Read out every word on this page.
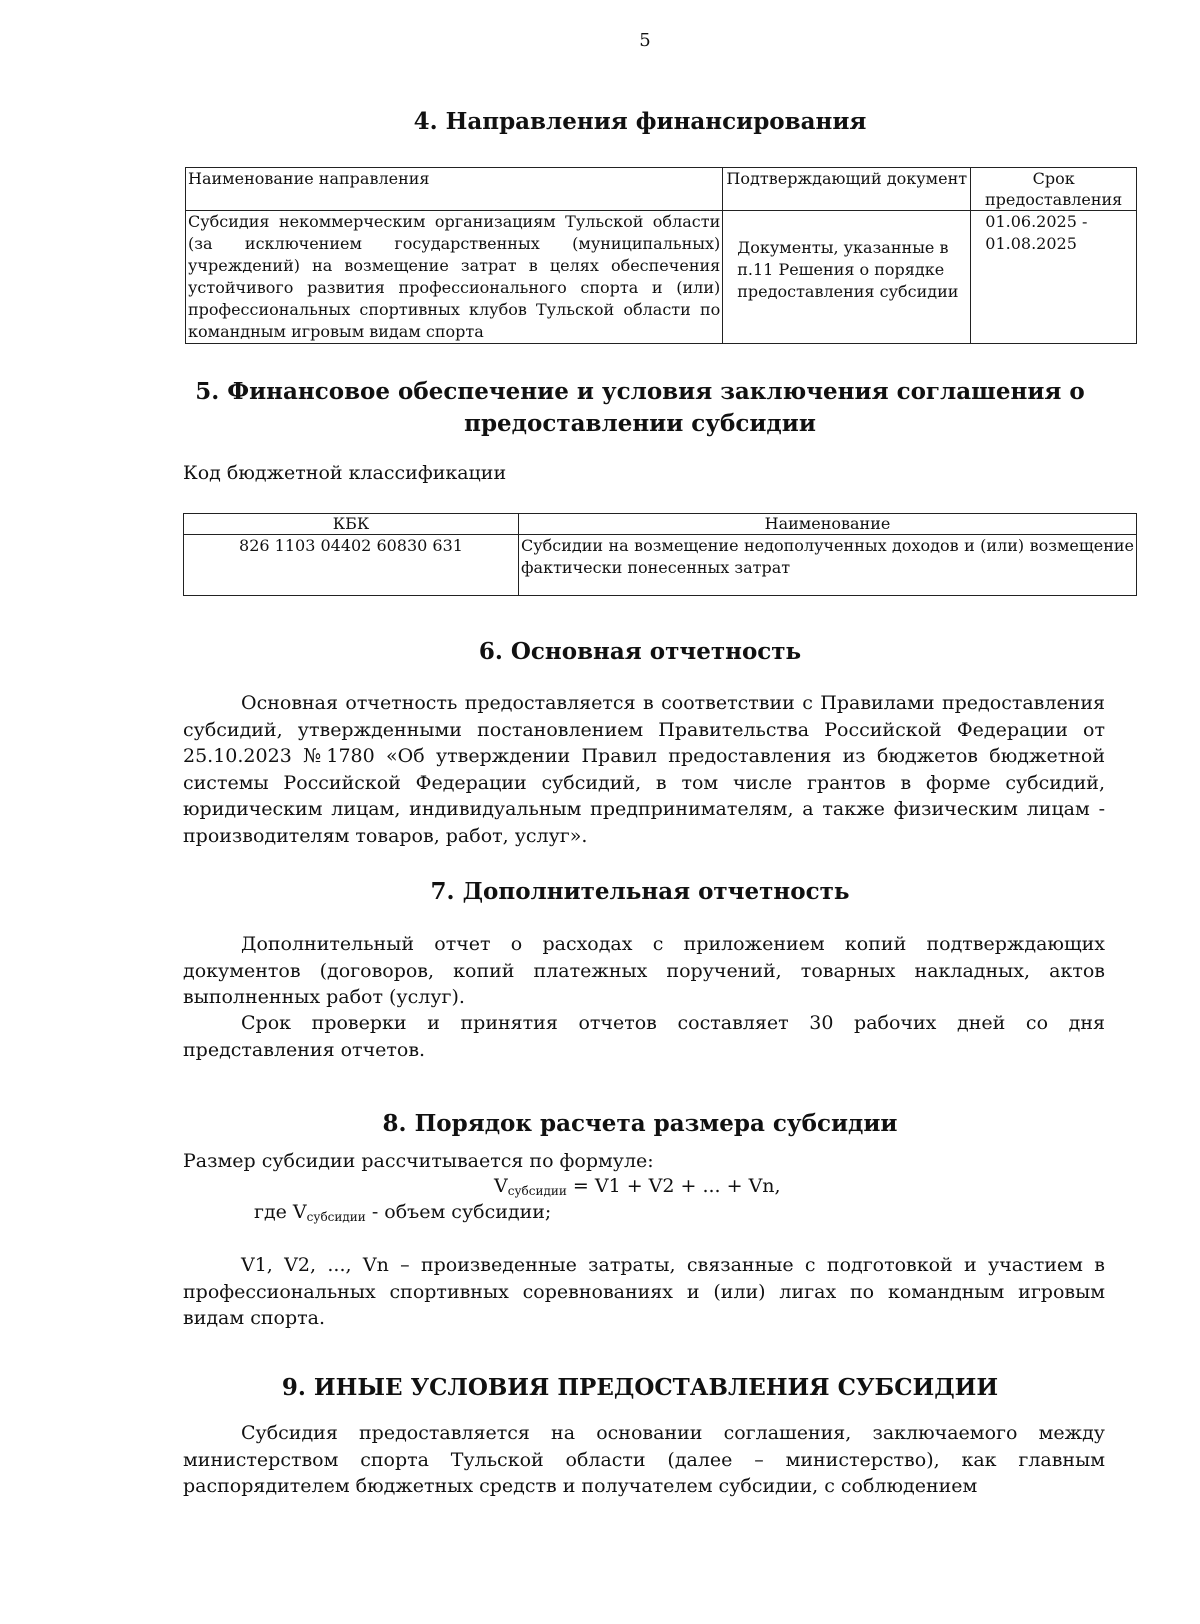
5
4. Направления финансирования
Наименование направления	Подтверждающий документ	Срок предоставления
Субсидия некоммерческим организациям Тульской области (за исключением государственных (муниципальных) учреждений) на возмещение затрат в целях обеспечения устойчивого развития профессионального спорта и (или) профессиональных спортивных клубов Тульской области по командным игровым видам спорта	Документы, указанные в п.11 Решения о порядке предоставления субсидии	01.06.2025 -
01.08.2025
5. Финансовое обеспечение и условия заключения соглашения о предоставлении субсидии
Код бюджетной классификации
КБК	Наименование
826 1103 04402 60830 631	Субсидии на возмещение недополученных доходов и (или) возмещение фактически понесенных затрат
6. Основная отчетность

Основная отчетность предоставляется в соответствии с Правилами предоставления субсидий, утвержденными постановлением Правительства Российской Федерации от 25.10.2023 №1780 «Об утверждении Правил предоставления из бюджетов бюджетной системы Российской Федерации субсидий, в том числе грантов в форме субсидий, юридическим лицам, индивидуальным предпринимателям, а также физическим лицам - производителям товаров, работ, услуг».

7. Дополнительная отчетность

Дополнительный отчет о расходах с приложением копий подтверждающих документов (договоров, копий платежных поручений, товарных накладных, актов выполненных работ (услуг).

Срок проверки и принятия отчетов составляет 30 рабочих дней со дня представления отчетов.

8. Порядок расчета размера субсидии

Размер субсидии рассчитывается по формуле:

$V_{субсидии} = V1 + V2$ + ... + Vn,
где $V_{субсидии}$ - объем субсидии;

V1, V2, ..., Vn – произведенные затраты, связанные с подготовкой и участием в профессиональных спортивных соревнованиях и (или) лигах по командным игровым видам спорта.

9. ИНЫЕ УСЛОВИЯ ПРЕДОСТАВЛЕНИЯ СУБСИДИИ

Субсидия предоставляется на основании соглашения, заключаемого между министерством спорта Тульской области (далее – министерство), как главным распорядителем бюджетных средств и получателем субсидии, с соблюдением
